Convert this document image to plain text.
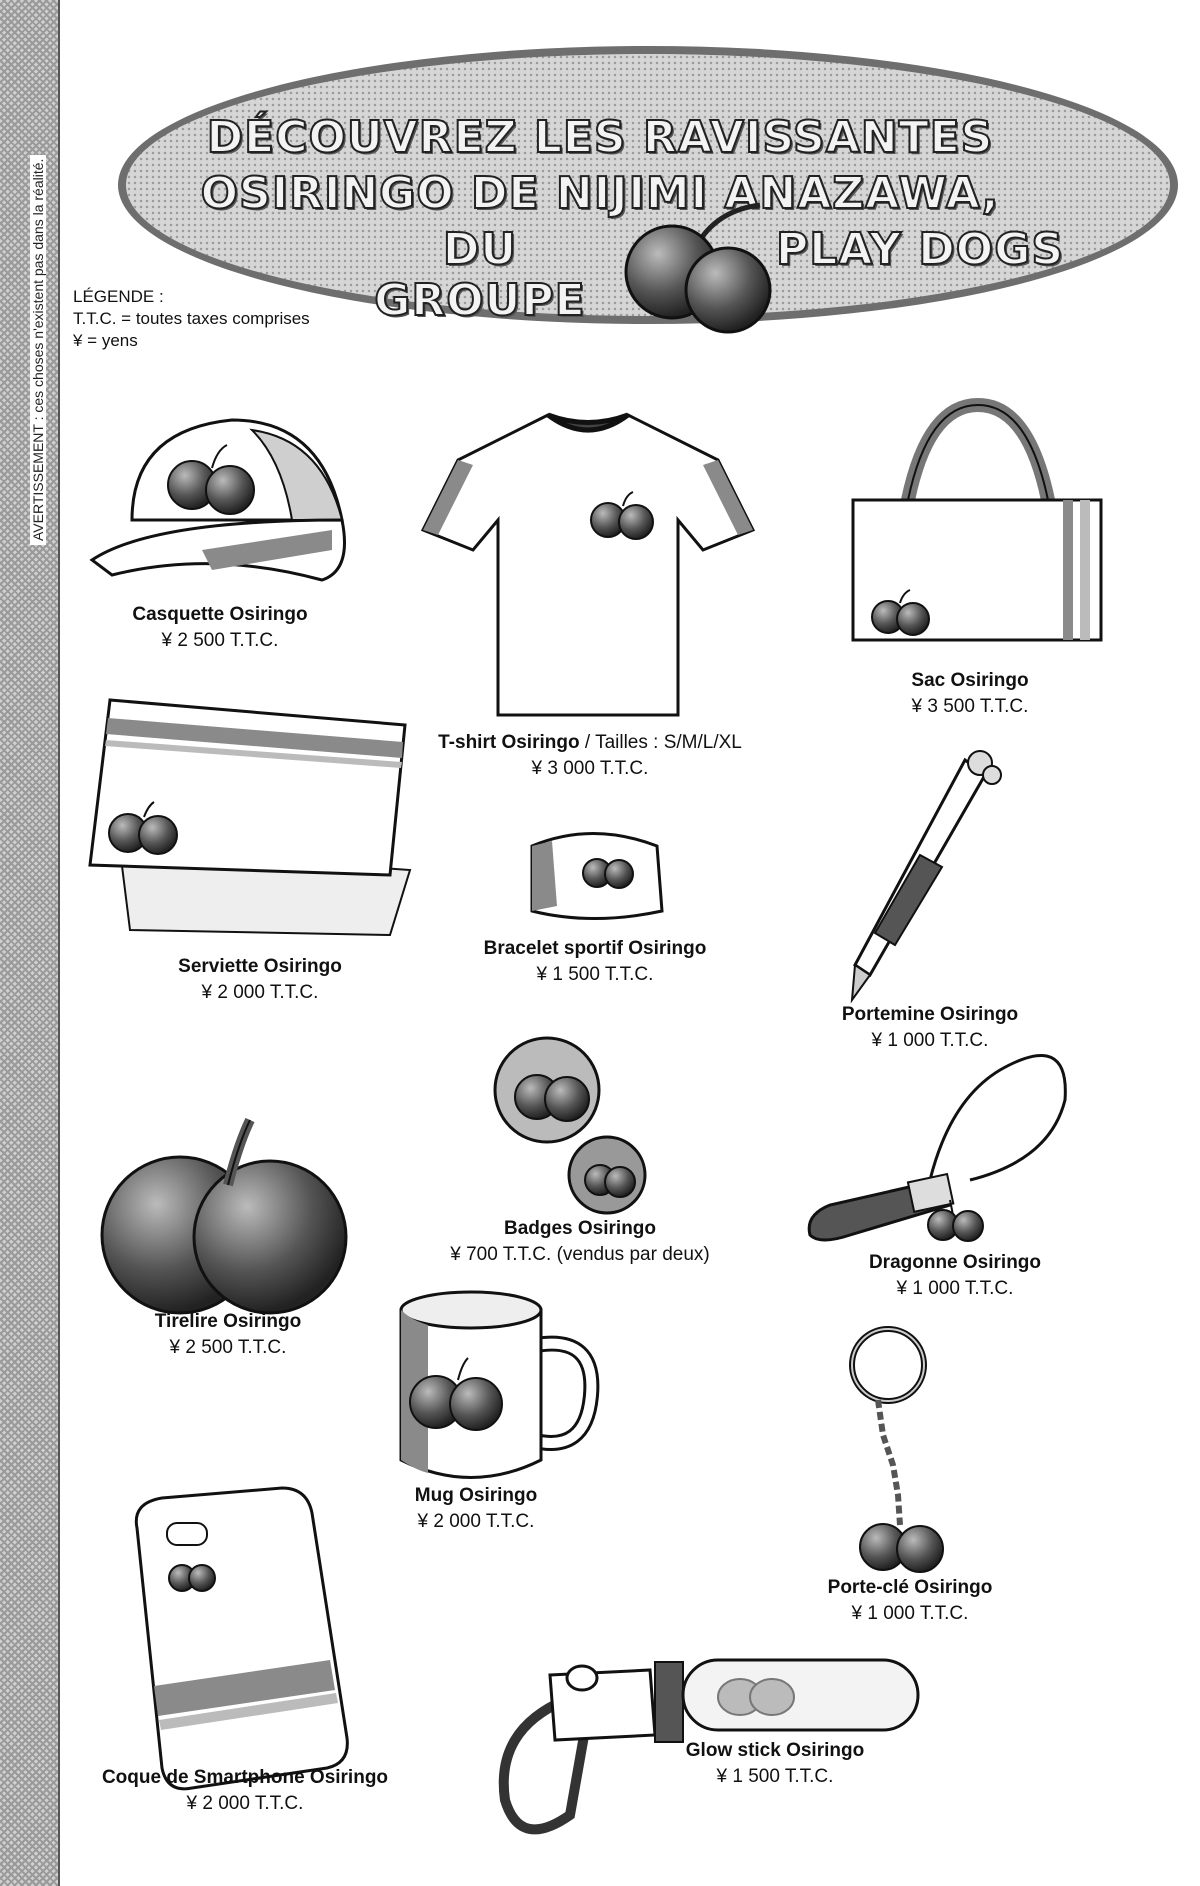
AVERTISSEMENT : ces choses n'existent pas dans la réalité.
DÉCOUVREZ LES RAVISSANTES
OSIRINGO DE NIJIMI ANAZAWA,
DU GROUPE
PLAY DOGS
LÉGENDE :
T.T.C. = toutes taxes comprises
¥ = yens
Casquette Osiringo
¥ 2 500 T.T.C.
T-shirt Osiringo / Tailles : S/M/L/XL
¥ 3 000 T.T.C.
Sac Osiringo
¥ 3 500 T.T.C.
Serviette Osiringo
¥ 2 000 T.T.C.
Bracelet sportif Osiringo
¥ 1 500 T.T.C.
Portemine Osiringo
¥ 1 000 T.T.C.
Badges Osiringo
¥ 700 T.T.C. (vendus par deux)
Tirelire Osiringo
¥ 2 500 T.T.C.
Dragonne Osiringo
¥ 1 000 T.T.C.
Mug Osiringo
¥ 2 000 T.T.C.
Porte-clé Osiringo
¥ 1 000 T.T.C.
Coque de Smartphone Osiringo
¥ 2 000 T.T.C.
Glow stick Osiringo
¥ 1 500 T.T.C.
